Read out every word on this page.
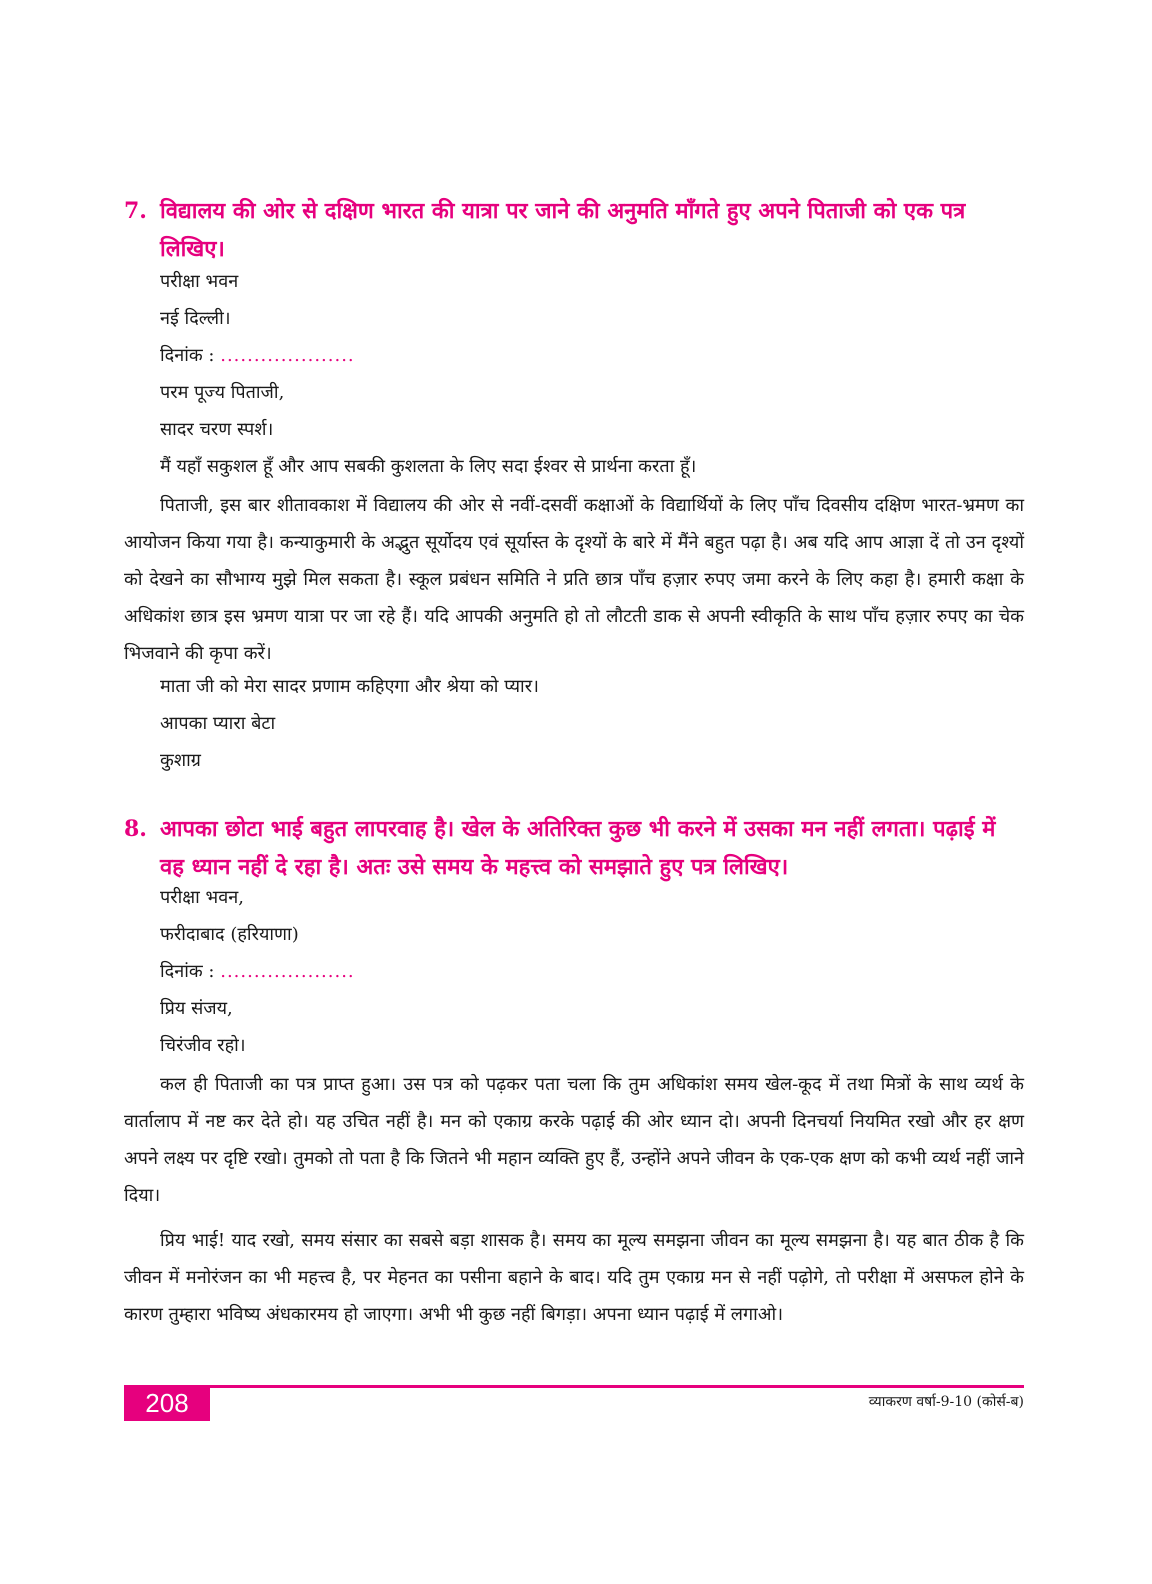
7. विद्यालय की ओर से दक्षिण भारत की यात्रा पर जाने की अनुमति माँगते हुए अपने पिताजी को एक पत्र लिखिए।
परीक्षा भवन
नई दिल्ली।
दिनांक : ....................
परम पूज्य पिताजी,
सादर चरण स्पर्श।
मैं यहाँ सकुशल हूँ और आप सबकी कुशलता के लिए सदा ईश्वर से प्रार्थना करता हूँ।
पिताजी, इस बार शीतावकाश में विद्यालय की ओर से नवीं-दसवीं कक्षाओं के विद्यार्थियों के लिए पाँच दिवसीय दक्षिण भारत-भ्रमण का आयोजन किया गया है। कन्याकुमारी के अद्भुत सूर्योदय एवं सूर्यास्त के दृश्यों के बारे में मैंने बहुत पढ़ा है। अब यदि आप आज्ञा दें तो उन दृश्यों को देखने का सौभाग्य मुझे मिल सकता है। स्कूल प्रबंधन समिति ने प्रति छात्र पाँच हज़ार रुपए जमा करने के लिए कहा है। हमारी कक्षा के अधिकांश छात्र इस भ्रमण यात्रा पर जा रहे हैं। यदि आपकी अनुमति हो तो लौटती डाक से अपनी स्वीकृति के साथ पाँच हज़ार रुपए का चेक भिजवाने की कृपा करें।
माता जी को मेरा सादर प्रणाम कहिएगा और श्रेया को प्यार।
आपका प्यारा बेटा
कुशाग्र
8. आपका छोटा भाई बहुत लापरवाह है। खेल के अतिरिक्त कुछ भी करने में उसका मन नहीं लगता। पढ़ाई में वह ध्यान नहीं दे रहा है। अतः उसे समय के महत्त्व को समझाते हुए पत्र लिखिए।
परीक्षा भवन,
फरीदाबाद (हरियाणा)
दिनांक : ....................
प्रिय संजय,
चिरंजीव रहो।
कल ही पिताजी का पत्र प्राप्त हुआ। उस पत्र को पढ़कर पता चला कि तुम अधिकांश समय खेल-कूद में तथा मित्रों के साथ व्यर्थ के वार्तालाप में नष्ट कर देते हो। यह उचित नहीं है। मन को एकाग्र करके पढ़ाई की ओर ध्यान दो। अपनी दिनचर्या नियमित रखो और हर क्षण अपने लक्ष्य पर दृष्टि रखो। तुमको तो पता है कि जितने भी महान व्यक्ति हुए हैं, उन्होंने अपने जीवन के एक-एक क्षण को कभी व्यर्थ नहीं जाने दिया।
प्रिय भाई! याद रखो, समय संसार का सबसे बड़ा शासक है। समय का मूल्य समझना जीवन का मूल्य समझना है। यह बात ठीक है कि जीवन में मनोरंजन का भी महत्त्व है, पर मेहनत का पसीना बहाने के बाद। यदि तुम एकाग्र मन से नहीं पढ़ोगे, तो परीक्षा में असफल होने के कारण तुम्हारा भविष्य अंधकारमय हो जाएगा। अभी भी कुछ नहीं बिगड़ा। अपना ध्यान पढ़ाई में लगाओ।
208	व्याकरण वर्षा-9-10 (कोर्स-ब)
